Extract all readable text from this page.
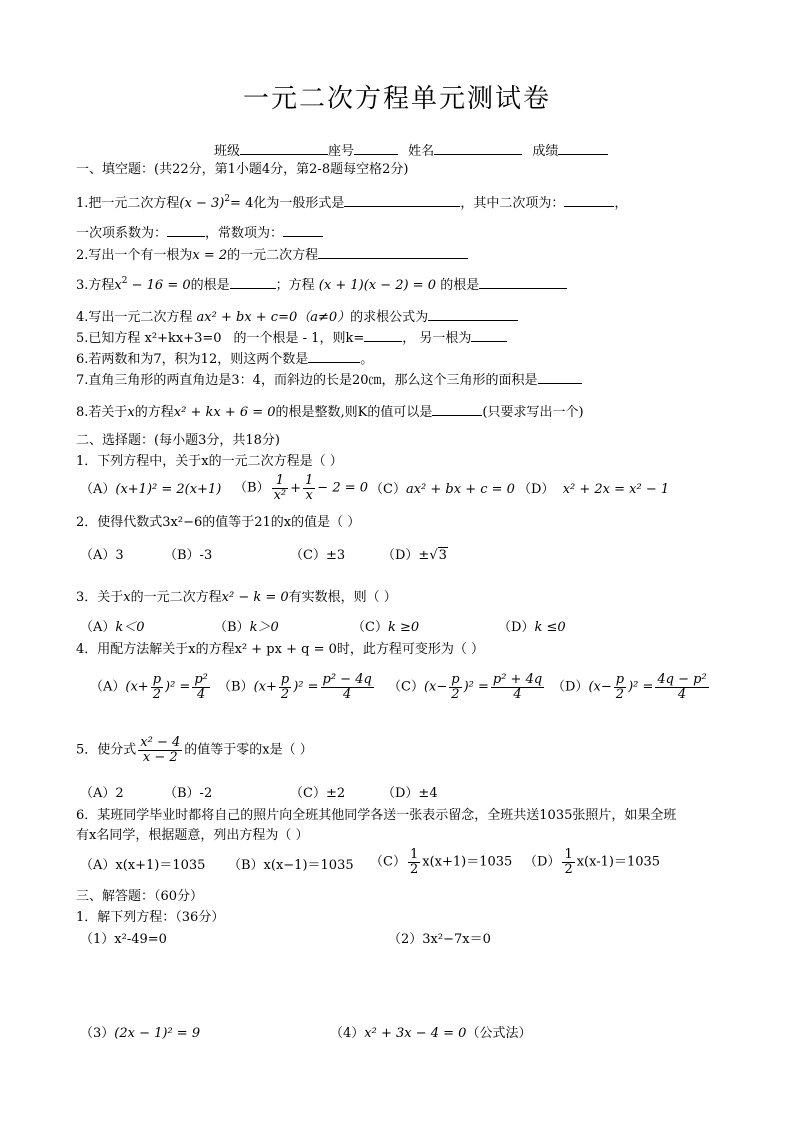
一元二次方程单元测试卷
班级	座号	姓名	成绩
一、填空题：(共22分，第1小题4分，第2-8题每空格2分)
1.把一元二次方程$(x - 3)^2= 4$化为一般形式是	，其中二次项为：	，
一次项系数为：	，常数项为：
2.写出一个有一根为x = 2的一元二次方程
3.方程$x^2 - 16 = 0$的根是	；方程 (x + 1)(x − 2) = 0 的根是
4.写出一元二次方程 ax² + bx + c=0（a≠0）的求根公式为
5.已知方程 x²+kx+3=0 的一个根是 - 1，则k=	， 另一根为
6.若两数和为7，积为12，则这两个数是	。
7.直角三角形的两直角边是3：4，而斜边的长是20㎝，那么这个三角形的面积是
8.若关于x的方程x² + kx + 6 = 0的根是整数,则K的值可以是	(只要求写出一个)
二、选择题：(每小题3分，共18分)
1．下列方程中，关于x的一元二次方程是（ ）
（A）(x+1)² = 2(x+1) $(B) \frac{1}{\text{x²}} + \frac{1}{x} - 2 = 0$ （C）ax² + bx + c = 0 （D） x² + 2x = x² − 1
2．使得代数式3x²−6的值等于21的x的值是（ ）
（A）3	（B）-3	（C）±3	（D）±√3
3．关于x的一元二次方程x² − k = 0有实数根，则（ ）
（A）k＜0	（B）k＞0	（C）k ≥0	（D）k ≤0
4．用配方法解关于x的方程x² + px + q = 0时，此方程可变形为（ ）
$(A)(x+ \frac{p}{2} )^2 = \frac{\text{p²}}{4} (B)(x+ \frac{p}{2} )^2 = \frac{\text{p² − 4q}}{4} (C)(x- \frac{p}{2} )^2 = \frac{\text{p² + 4q}}{4} (D)(x- \frac{p}{2} )^2 = \frac{\text{4q − p²}}{4}$
5．使分式 $\frac{\text{x² − 4}}{x - 2}$ 的值等于零的x是（ ）
（A）2	（B）-2	（C）±2	（D）±4
6．某班同学毕业时都将自己的照片向全班其他同学各送一张表示留念，全班共送1035张照片，如果全班
有x名同学，根据题意，列出方程为（ ）
（A）x(x+1)＝1035 （B）x(x−1)＝1035 $(C) \frac{1}{2} x(x+1)=1035$ $(D) \frac{1}{2} x(x-1)=1035$
三、解答题：（60分）
1．解下列方程：（36分）
（1）x²-49=0	（2）3x²−7x＝0
（3）(2x − 1)² = 9	（4）x² + 3x − 4 = 0（公式法）
